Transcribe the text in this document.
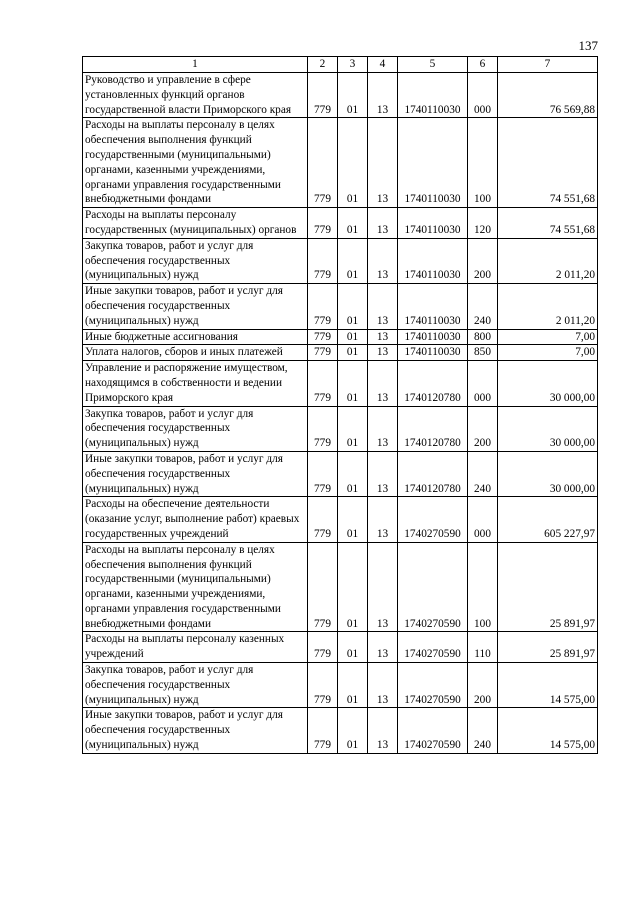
137
1	2	3	4	5	6	7
Руководство и управление в сфере установленных функций органов государственной власти Приморского края	779	01	13	1740110030	000	76 569,88
Расходы на выплаты персоналу в целях обеспечения выполнения функций государственными (муниципальными) органами, казенными учреждениями, органами управления государственными внебюджетными фондами	779	01	13	1740110030	100	74 551,68
Расходы на выплаты персоналу государственных (муниципальных) органов	779	01	13	1740110030	120	74 551,68
Закупка товаров, работ и услуг для обеспечения государственных (муниципальных) нужд	779	01	13	1740110030	200	2 011,20
Иные закупки товаров, работ и услуг для обеспечения государственных (муниципальных) нужд	779	01	13	1740110030	240	2 011,20
Иные бюджетные ассигнования	779	01	13	1740110030	800	7,00
Уплата налогов, сборов и иных платежей	779	01	13	1740110030	850	7,00
Управление и распоряжение имуществом, находящимся в собственности и ведении Приморского края	779	01	13	1740120780	000	30 000,00
Закупка товаров, работ и услуг для обеспечения государственных (муниципальных) нужд	779	01	13	1740120780	200	30 000,00
Иные закупки товаров, работ и услуг для обеспечения государственных (муниципальных) нужд	779	01	13	1740120780	240	30 000,00
Расходы на обеспечение деятельности (оказание услуг, выполнение работ) краевых государственных учреждений	779	01	13	1740270590	000	605 227,97
Расходы на выплаты персоналу в целях обеспечения выполнения функций государственными (муниципальными) органами, казенными учреждениями, органами управления государственными внебюджетными фондами	779	01	13	1740270590	100	25 891,97
Расходы на выплаты персоналу казенных учреждений	779	01	13	1740270590	110	25 891,97
Закупка товаров, работ и услуг для обеспечения государственных (муниципальных) нужд	779	01	13	1740270590	200	14 575,00
Иные закупки товаров, работ и услуг для обеспечения государственных (муниципальных) нужд	779	01	13	1740270590	240	14 575,00
